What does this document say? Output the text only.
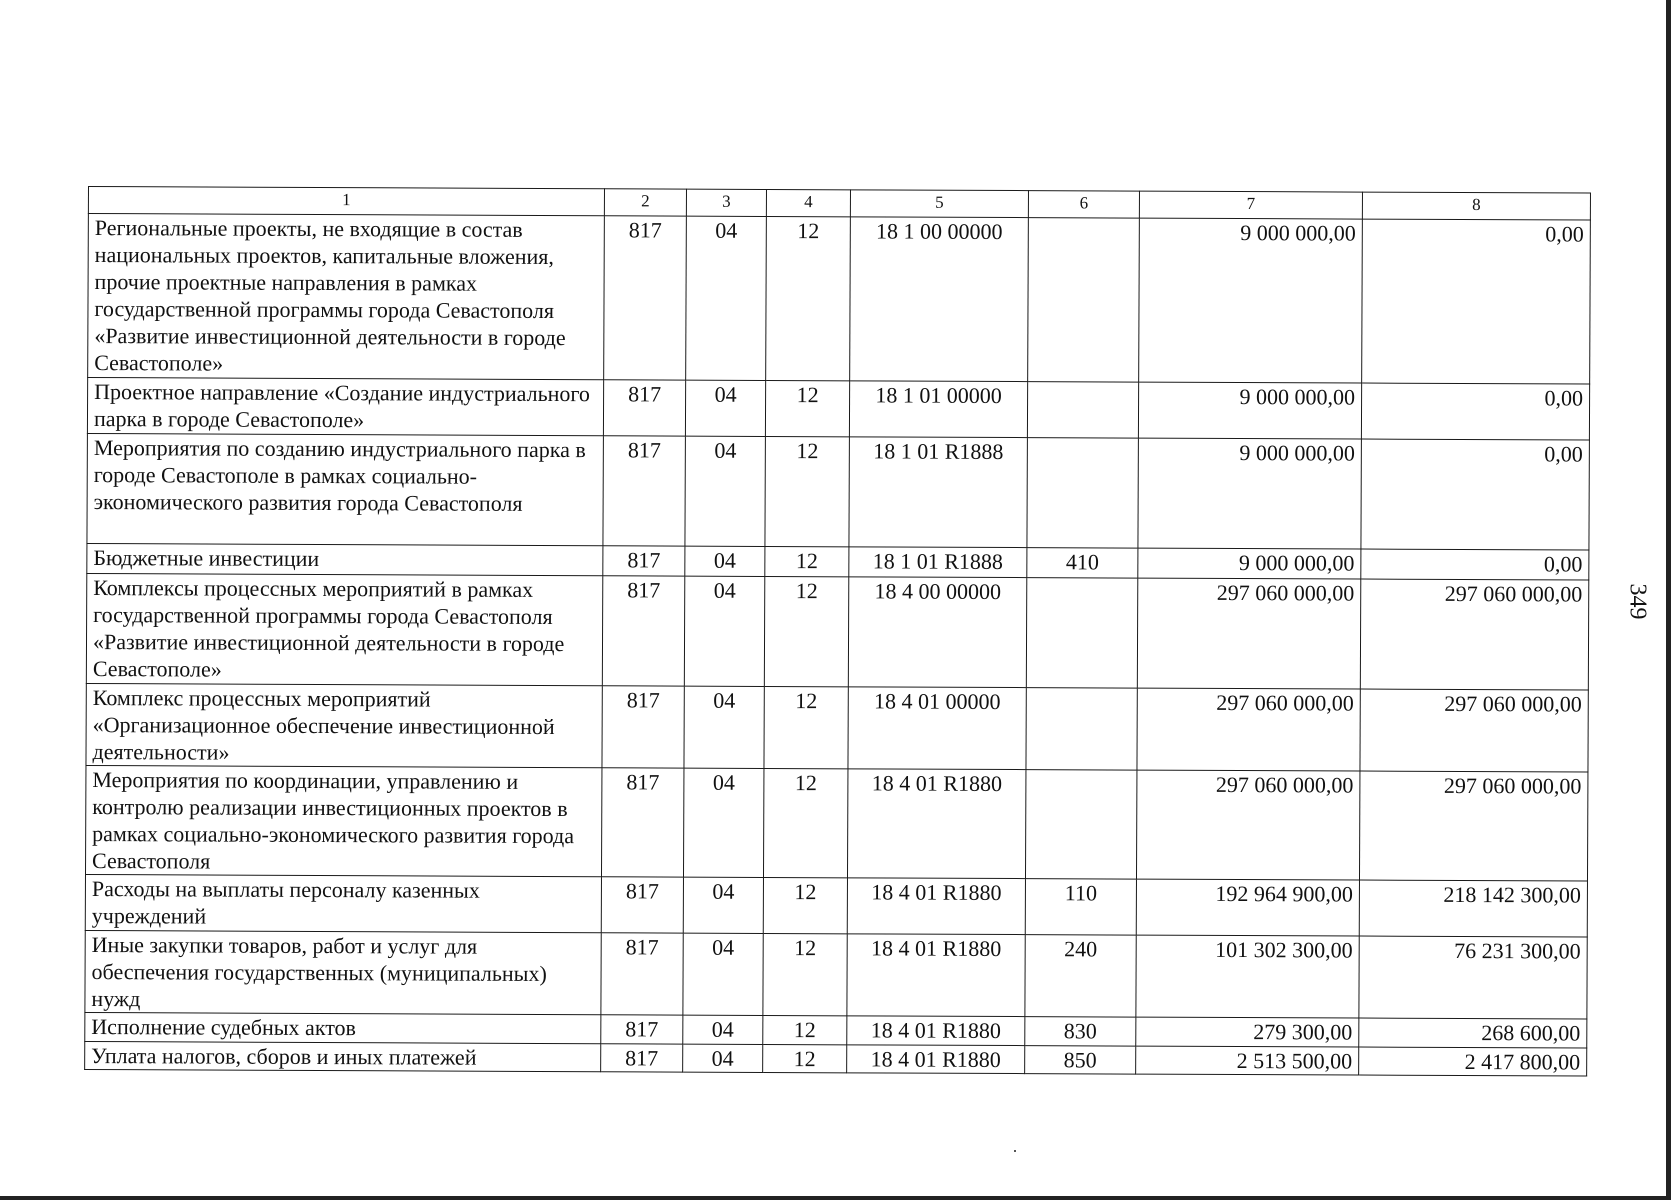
1	2	3	4	5	6	7	8
Региональные проекты, не входящие в состав национальных проектов, капитальные вложения, прочие проектные направления в рамках государственной программы города Севастополя «Развитие инвестиционной деятельности в городе Севастополе»	817	04	12	18 1 00 00000		9 000 000,00	0,00
Проектное направление «Создание индустриального парка в городе Севастополе»	817	04	12	18 1 01 00000		9 000 000,00	0,00
Мероприятия по созданию индустриального парка в городе Севастополе в рамках социально-экономического развития города Севастополя	817	04	12	18 1 01 R1888		9 000 000,00	0,00
Бюджетные инвестиции	817	04	12	18 1 01 R1888	410	9 000 000,00	0,00
Комплексы процессных мероприятий в рамках государственной программы города Севастополя «Развитие инвестиционной деятельности в городе Севастополе»	817	04	12	18 4 00 00000		297 060 000,00	297 060 000,00
Комплекс процессных мероприятий «Организационное обеспечение инвестиционной деятельности»	817	04	12	18 4 01 00000		297 060 000,00	297 060 000,00
Мероприятия по координации, управлению и контролю реализации инвестиционных проектов в рамках социально-экономического развития города Севастополя	817	04	12	18 4 01 R1880		297 060 000,00	297 060 000,00
Расходы на выплаты персоналу казенных учреждений	817	04	12	18 4 01 R1880	110	192 964 900,00	218 142 300,00
Иные закупки товаров, работ и услуг для обеспечения государственных (муниципальных) нужд	817	04	12	18 4 01 R1880	240	101 302 300,00	76 231 300,00
Исполнение судебных актов	817	04	12	18 4 01 R1880	830	279 300,00	268 600,00
Уплата налогов, сборов и иных платежей	817	04	12	18 4 01 R1880	850	2 513 500,00	2 417 800,00
349
